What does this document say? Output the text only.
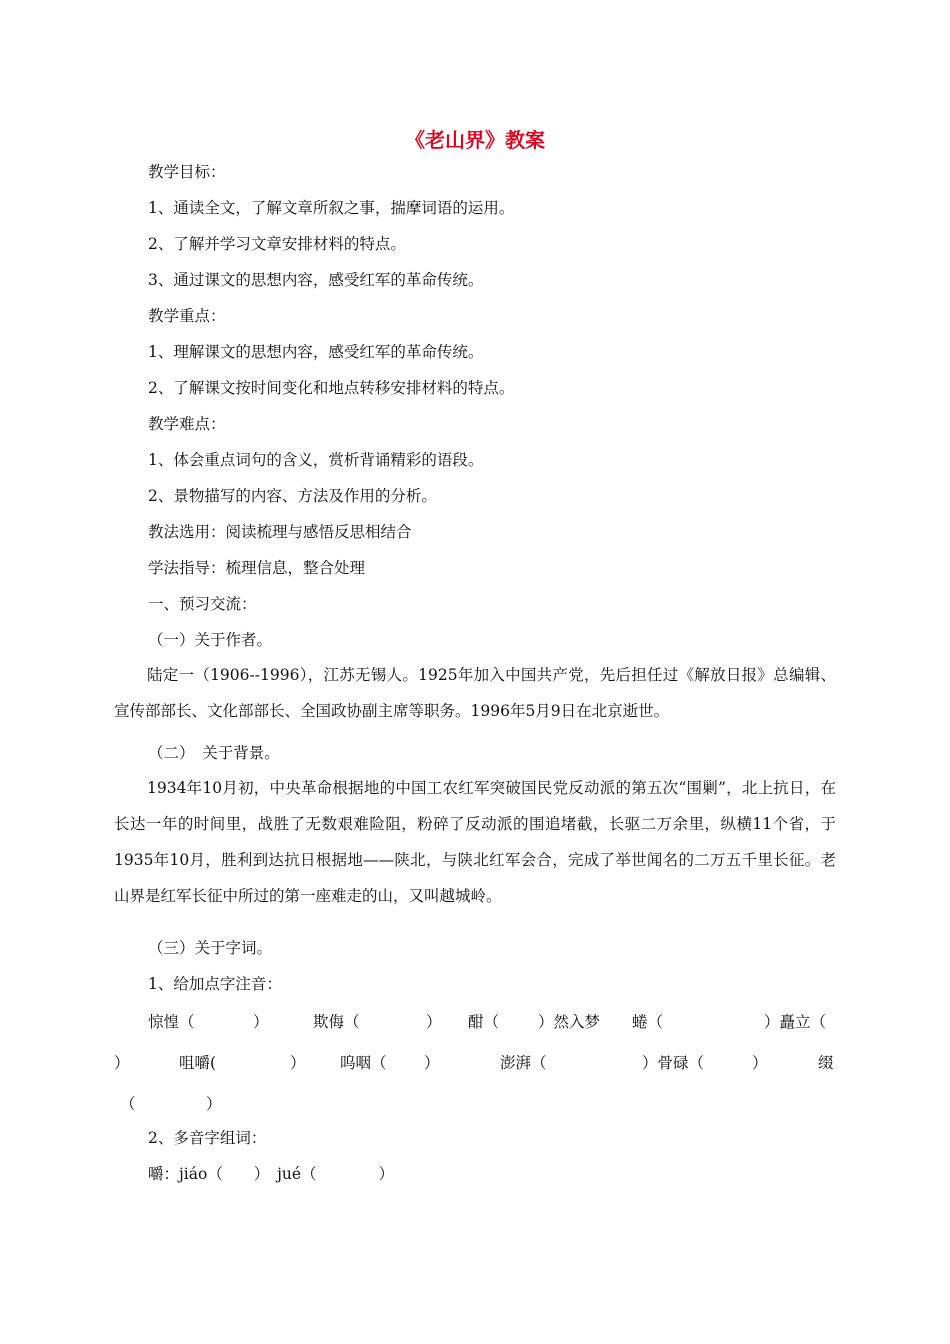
《老山界》教案
教学目标：
1、通读全文，了解文章所叙之事，揣摩词语的运用。
2、了解并学习文章安排材料的特点。
3、通过课文的思想内容，感受红军的革命传统。
教学重点：
1、理解课文的思想内容，感受红军的革命传统。
2、了解课文按时间变化和地点转移安排材料的特点。
教学难点：
1、体会重点词句的含义，赏析背诵精彩的语段。
2、景物描写的内容、方法及作用的分析。
教法选用：阅读梳理与感悟反思相结合
学法指导：梳理信息，整合处理
一、预习交流：
（一）关于作者。
陆定一（1906--1996），江苏无锡人。1925年加入中国共产党，先后担任过《解放日报》总编辑、宣传部部长、文化部部长、全国政协副主席等职务。1996年5月9日在北京逝世。
（二）　关于背景。
1934年10月初，中央革命根据地的中国工农红军突破国民党反动派的第五次“围剿”，北上抗日，在长达一年的时间里，战胜了无数艰难险阻，粉碎了反动派的围追堵截，长驱二万余里，纵横11个省，于1935年10月，胜利到达抗日根据地——陕北，与陕北红军会合，完成了举世闻名的二万五千里长征。老山界是红军长征中所过的第一座难走的山，又叫越城岭。
（三）关于字词。
1、给加点字注音：
惊惶（	）	欺侮（	） 酣（	）然入梦 蜷（	）矗立（
）	咀嚼(	） 呜咽（ ）	澎湃（	）骨碌（	）	缀
（	）
2、多音字组词：
嚼：jiáo（　　）　jué（　　　　）
